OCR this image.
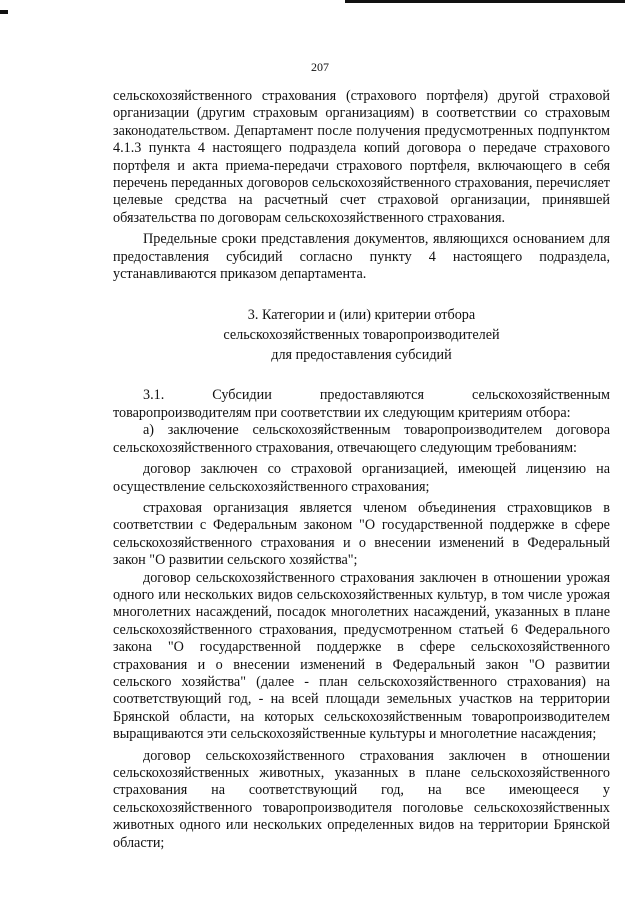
207

сельскохозяйственного страхования (страхового портфеля) другой страховой организации (другим страховым организациям) в соответствии со страховым законодательством. Департамент после получения предусмотренных подпунктом 4.1.3 пункта 4 настоящего подраздела копий договора о передаче страхового портфеля и акта приема-передачи страхового портфеля, включающего в себя перечень переданных договоров сельскохозяйственного страхования, перечисляет целевые средства на расчетный счет страховой организации, принявшей обязательства по договорам сельскохозяйственного страхования.

Предельные сроки представления документов, являющихся основанием для предоставления субсидий согласно пункту 4 настоящего подраздела, устанавливаются приказом департамента.

3. Категории и (или) критерии отбора
сельскохозяйственных товаропроизводителей
для предоставления субсидий

3.1.       Субсидии       предоставляются       сельскохозяйственным товаропроизводителям при соответствии их следующим критериям отбора:

а) заключение сельскохозяйственным товаропроизводителем договора сельскохозяйственного страхования, отвечающего следующим требованиям:

договор заключен со страховой организацией, имеющей лицензию на осуществление сельскохозяйственного страхования;

страховая организация является членом объединения страховщиков в соответствии с Федеральным законом "О государственной поддержке в сфере сельскохозяйственного страхования и о внесении изменений в Федеральный закон "О развитии сельского хозяйства";

договор сельскохозяйственного страхования заключен в отношении урожая одного или нескольких видов сельскохозяйственных культур, в том числе урожая многолетних насаждений, посадок многолетних насаждений, указанных в плане сельскохозяйственного страхования, предусмотренном статьей 6 Федерального закона "О государственной поддержке в сфере сельскохозяйственного страхования и о внесении изменений в Федеральный закон "О развитии сельского хозяйства" (далее - план сельскохозяйственного страхования) на соответствующий год, - на всей площади земельных участков на территории Брянской области, на которых сельскохозяйственным товаропроизводителем выращиваются эти сельскохозяйственные культуры и многолетние насаждения;

договор сельскохозяйственного страхования заключен в отношении сельскохозяйственных животных, указанных в плане сельскохозяйственного страхования на соответствующий год, на все имеющееся у сельскохозяйственного товаропроизводителя поголовье сельскохозяйственных животных одного или нескольких определенных видов на территории Брянской области;
